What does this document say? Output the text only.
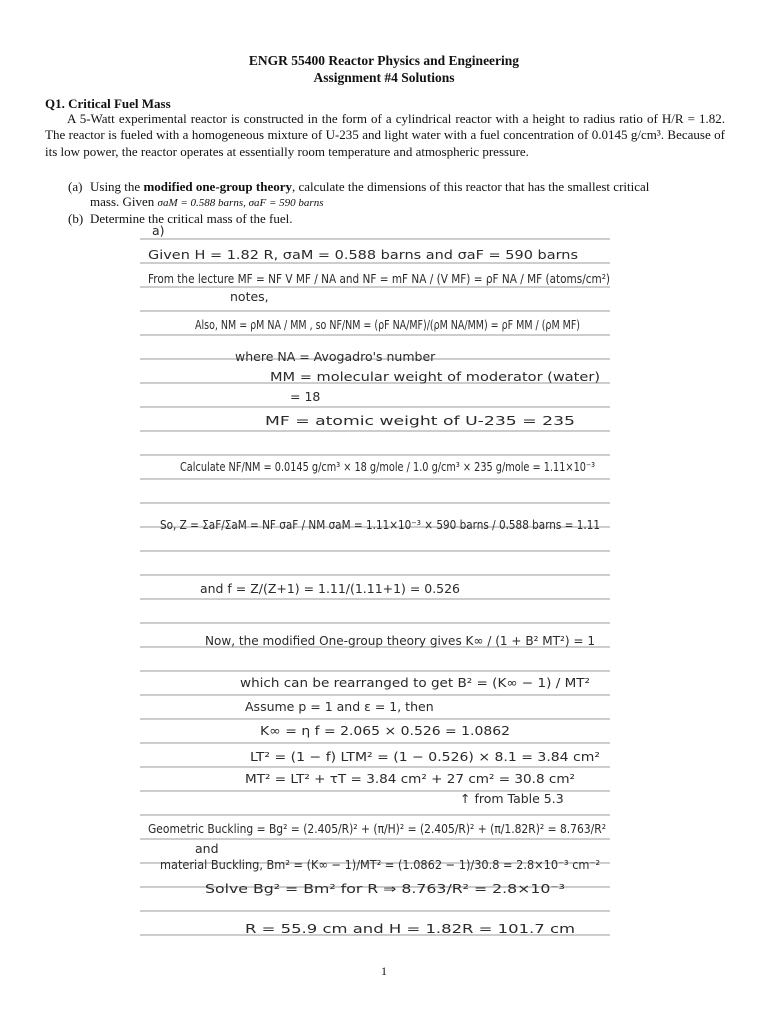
ENGR 55400 Reactor Physics and Engineering
Assignment #4 Solutions
Q1. Critical Fuel Mass
A 5-Watt experimental reactor is constructed in the form of a cylindrical reactor with a height to radius ratio of H/R = 1.82. The reactor is fueled with a homogeneous mixture of U-235 and light water with a fuel concentration of 0.0145 g/cm³. Because of its low power, the reactor operates at essentially room temperature and atmospheric pressure.
(a) Using the modified one-group theory, calculate the dimensions of this reactor that has the smallest critical
mass. Given σaM = 0.588 barns, σaF = 590 barns
(b) Determine the critical mass of the fuel.
a)
Given H = 1.82 R, σaM = 0.588 barns and σaF = 590 barns
From the lecture MF = NF V MF / NA and NF = mF NA / (V MF) = ρF NA / MF (atoms/cm²)
notes,
Also, NM = ρM NA / MM , so NF/NM = (ρF NA/MF)/(ρM NA/MM) = ρF MM / (ρM MF)
where NA = Avogadro's number
MM = molecular weight of moderator (water)
= 18
MF = atomic weight of U-235 = 235
Calculate NF/NM = 0.0145 g/cm³ × 18 g/mole / 1.0 g/cm³ × 235 g/mole = 1.11×10⁻³
So, Z = ΣaF/ΣaM = NF σaF / NM σaM = 1.11×10⁻³ × 590 barns / 0.588 barns = 1.11
and f = Z/(Z+1) = 1.11/(1.11+1) = 0.526
Now, the modified One-group theory gives K∞ / (1 + B² MT²) = 1
which can be rearranged to get B² = (K∞ − 1) / MT²
Assume p = 1 and ε = 1, then
K∞ = η f = 2.065 × 0.526 = 1.0862
LT² = (1 − f) LTM² = (1 − 0.526) × 8.1 = 3.84 cm²
MT² = LT² + τT = 3.84 cm² + 27 cm² = 30.8 cm²
↑ from Table 5.3
Geometric Buckling = Bg² = (2.405/R)² + (π/H)² = (2.405/R)² + (π/1.82R)² = 8.763/R²
and
material Buckling, Bm² = (K∞ − 1)/MT² = (1.0862 − 1)/30.8 = 2.8×10⁻³ cm⁻²
Solve Bg² = Bm² for R ⇒ 8.763/R² = 2.8×10⁻³
R = 55.9 cm and H = 1.82R = 101.7 cm
1
